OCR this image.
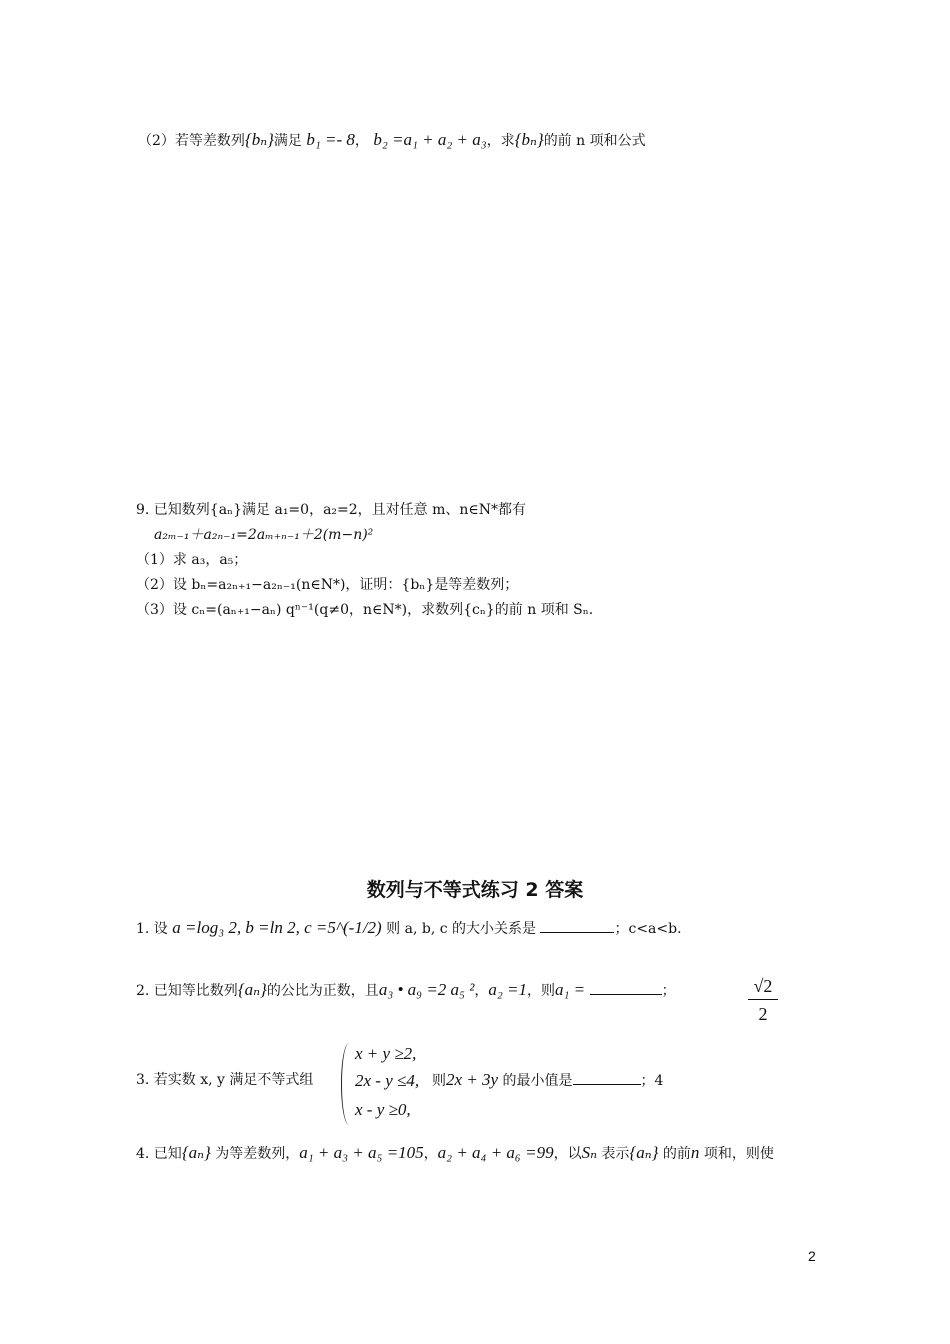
（2）若等差数列{bₙ}满足 b₁ =- 8， b₂ =a₁ + a₂ + a₃，求{bₙ}的前 n 项和公式
9. 已知数列{aₙ}满足 a₁=0，a₂=2，且对任意 m、n∈N*都有
a₂ₘ₋₁＋a₂ₙ₋₁=2aₘ₊ₙ₋₁＋2(m−n)²
（1）求 a₃，a₅；
（2）设 bₙ=a₂ₙ₊₁−a₂ₙ₋₁(n∈N*)，证明：{bₙ}是等差数列；
（3）设 cₙ=(aₙ₊₁−aₙ) qⁿ⁻¹(q≠0，n∈N*)，求数列{cₙ}的前 n 项和 Sₙ.
数列与不等式练习 2 答案
1. 设 a =log₃ 2, b =ln 2, c =5^(-1/2) 则 a, b, c 的大小关系是	；c<a<b.
2. 已知等比数列{aₙ}的公比为正数，且a₃ • a₉ =2 a₅ ²，a₂ =1，则a₁ =	；	$\frac{√2}{2}$
3. 若实数 x, y 满足不等式组
x + y ≥2,
2x - y ≤4,
x - y ≥0,
则2x + 3y 的最小值是	；4
4. 已知{aₙ} 为等差数列，a₁ + a₃ + a₅ =105，a₂ + a₄ + a₆ =99，以Sₙ 表示{aₙ} 的前n 项和，则使
2
